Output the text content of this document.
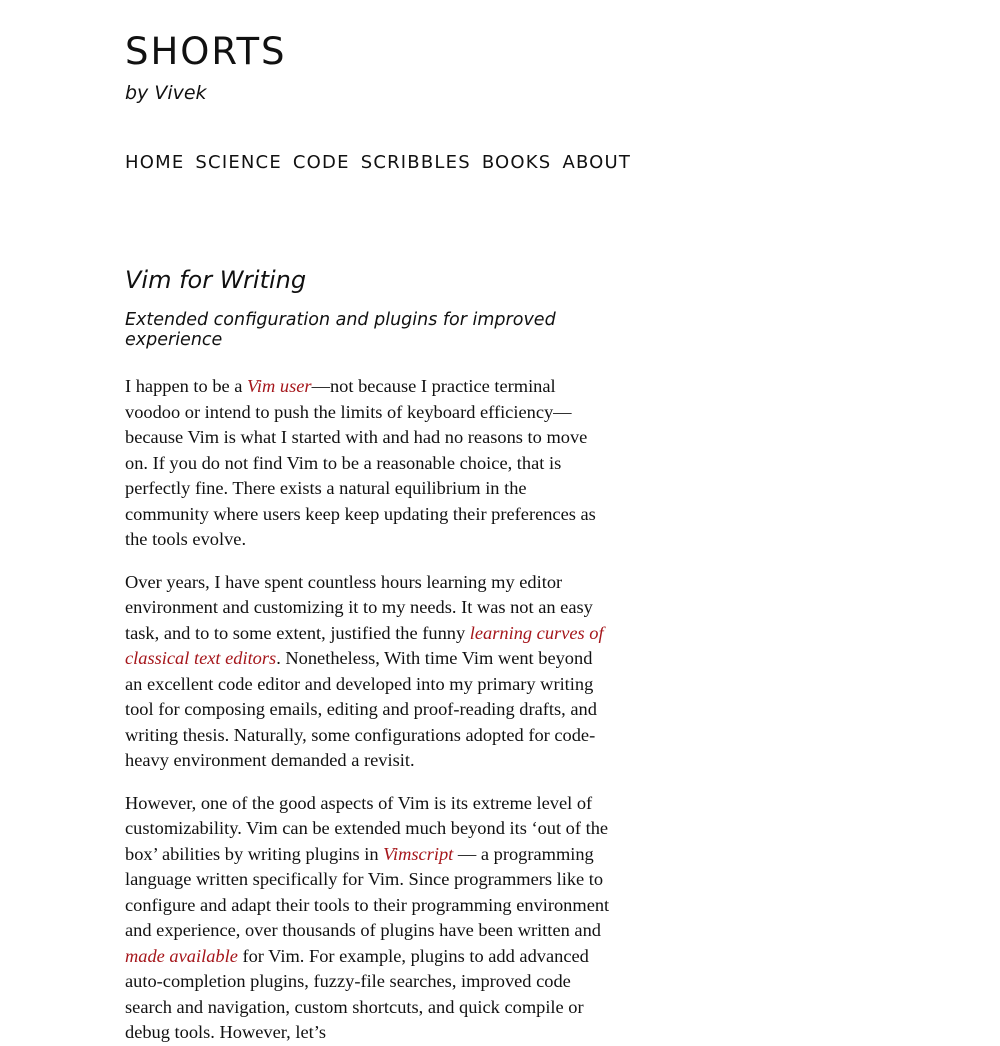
SHORTS
by Vivek
HOME SCIENCE CODE SCRIBBLES BOOKS ABOUT
Vim for Writing
Extended configuration and plugins for improved experience

I happen to be a Vim user—not because I practice terminal voodoo or intend to push the limits of keyboard efficiency—because Vim is what I started with and had no reasons to move on. If you do not find Vim to be a reasonable choice, that is perfectly fine. There exists a natural equilibrium in the community where users keep keep updating their preferences as the tools evolve.

Over years, I have spent countless hours learning my editor environment and customizing it to my needs. It was not an easy task, and to to some extent, justified the funny learning curves of classical text editors. Nonetheless, With time Vim went beyond an excellent code editor and developed into my primary writing tool for composing emails, editing and proof-reading drafts, and writing thesis. Naturally, some configurations adopted for code-heavy environment demanded a revisit.

However, one of the good aspects of Vim is its extreme level of customizability. Vim can be extended much beyond its ‘out of the box’ abilities by writing plugins in Vimscript — a programming language written specifically for Vim. Since programmers like to configure and adapt their tools to their programming environment and experience, over thousands of plugins have been written and made available for Vim. For example, plugins to add advanced auto-completion plugins, fuzzy-file searches, improved code search and navigation, custom shortcuts, and quick compile or debug tools. However, let’s
